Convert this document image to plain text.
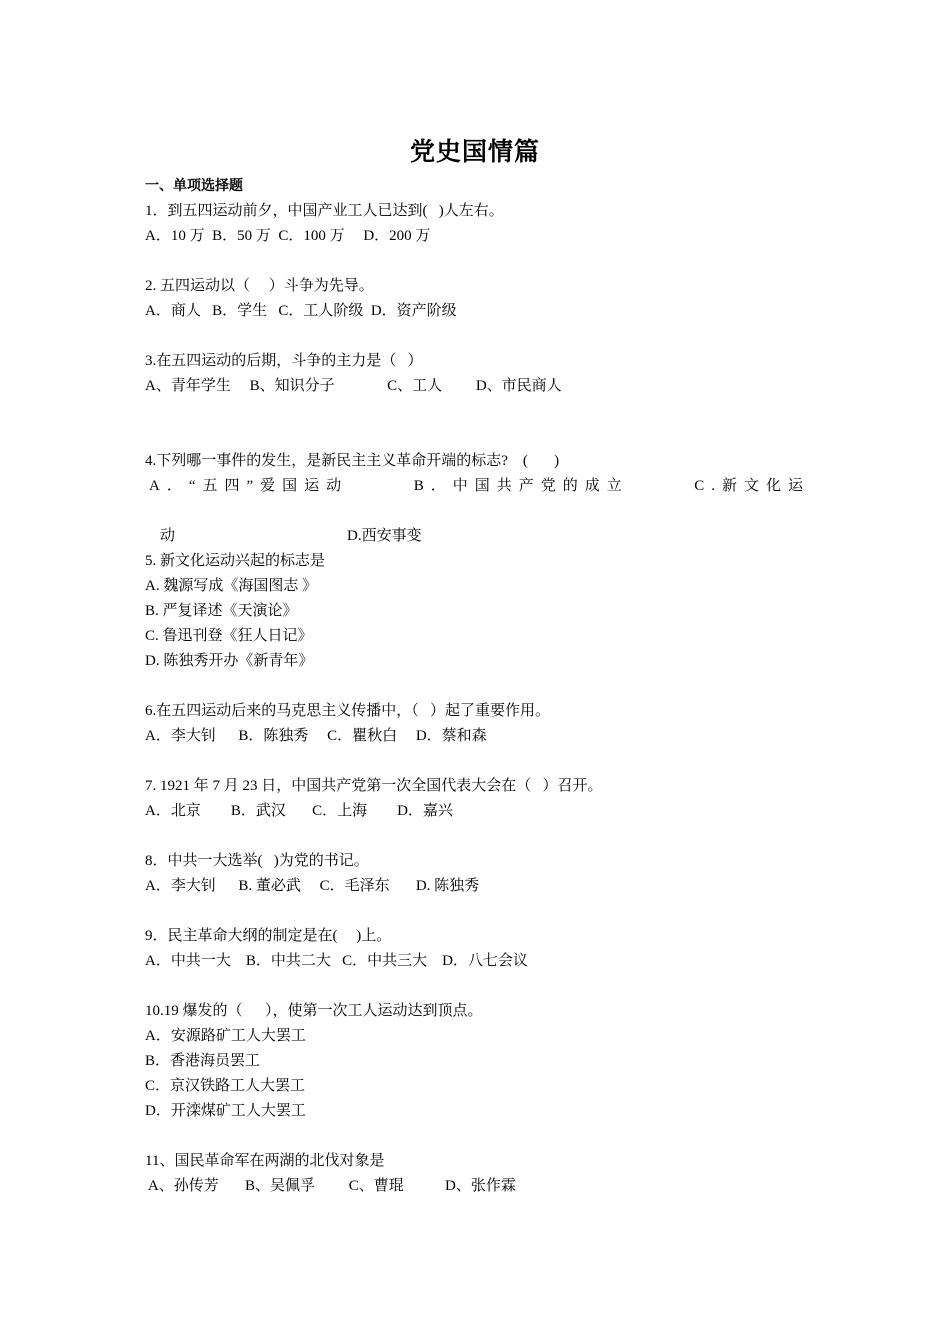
党史国情篇
一、单项选择题
1．到五四运动前夕，中国产业工人已达到(   )人左右。
A．10 万  B．50 万  C．100 万     D．200 万
2. 五四运动以（     ）斗争为先导。
A．商人   B．学生   C．工人阶级  D．资产阶级
3.在五四运动的后期，斗争的主力是（   ）
A、青年学生     B、知识分子              C、工人         D、市民商人
4.下列哪一事件的发生，是新民主主义革命开端的标志?    (       )
A．“五四”爱国运动	B．中国共产党的成立	C.新文化运

动	D.西安事变

5. 新文化运动兴起的标志是
A. 魏源写成《海国图志 》
B. 严复译述《天演论》
C. 鲁迅刊登《狂人日记》
D. 陈独秀开办《新青年》
6.在五四运动后来的马克思主义传播中，（   ）起了重要作用。
A．李大钊      B．陈独秀     C．瞿秋白     D．蔡和森
7. 1921 年 7 月 23 日，中国共产党第一次全国代表大会在（   ）召开。
A．北京        B．武汉       C．上海        D．嘉兴
8．中共一大选举(   )为党的书记。
A．李大钊      B. 董必武     C．毛泽东       D. 陈独秀
9．民主革命大纲的制定是在(     )上。
A．中共一大    B．中共二大   C．中共三大    D．八七会议
10.19 爆发的（      ），使第一次工人运动达到顶点。
A．安源路矿工人大罢工
B．香港海员罢工
C．京汉铁路工人大罢工
D．开滦煤矿工人大罢工
11、国民革命军在两湖的北伐对象是
A、孙传芳       B、吴佩孚         C、曹琨           D、张作霖
